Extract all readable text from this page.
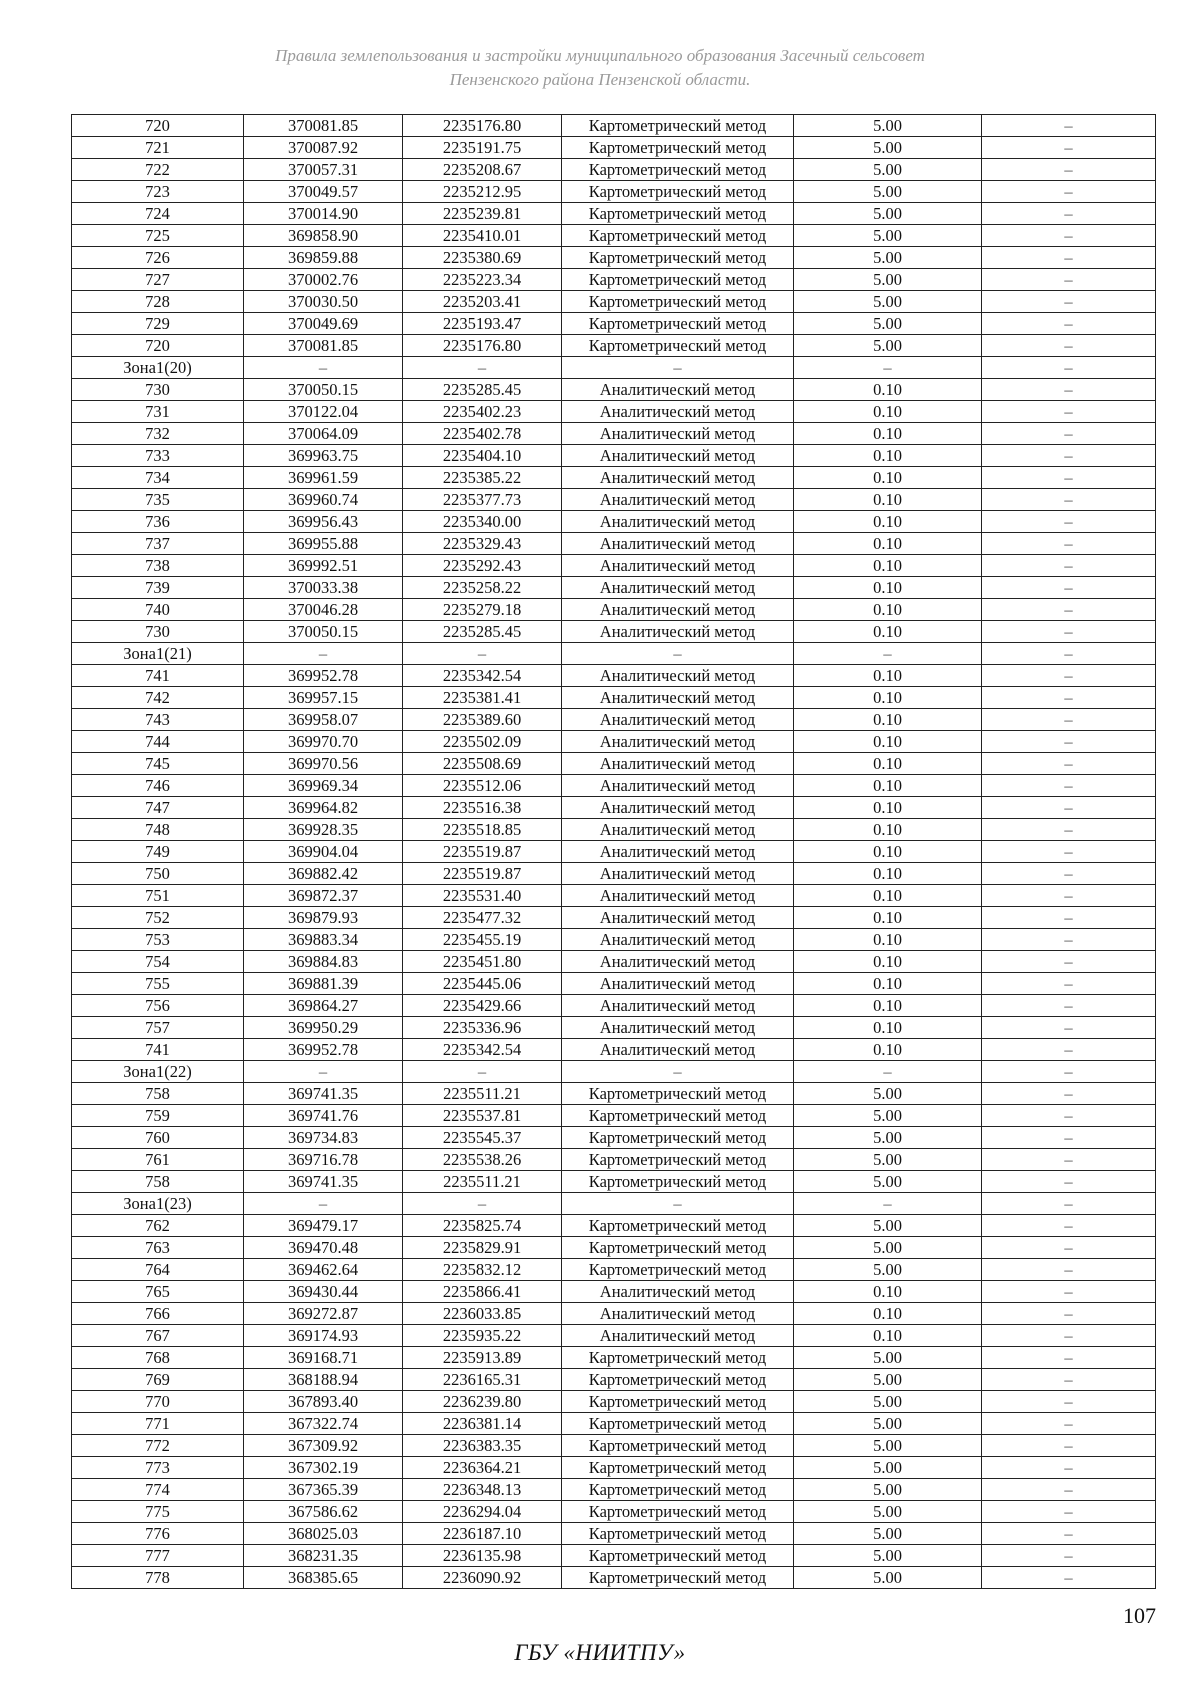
Правила землепользования и застройки муниципального образования Засечный сельсовет
Пензенского района Пензенской области.
720	370081.85	2235176.80	Картометрический метод	5.00	–
721	370087.92	2235191.75	Картометрический метод	5.00	–
722	370057.31	2235208.67	Картометрический метод	5.00	–
723	370049.57	2235212.95	Картометрический метод	5.00	–
724	370014.90	2235239.81	Картометрический метод	5.00	–
725	369858.90	2235410.01	Картометрический метод	5.00	–
726	369859.88	2235380.69	Картометрический метод	5.00	–
727	370002.76	2235223.34	Картометрический метод	5.00	–
728	370030.50	2235203.41	Картометрический метод	5.00	–
729	370049.69	2235193.47	Картометрический метод	5.00	–
720	370081.85	2235176.80	Картометрический метод	5.00	–
Зона1(20)	–	–	–	–	–
730	370050.15	2235285.45	Аналитический метод	0.10	–
731	370122.04	2235402.23	Аналитический метод	0.10	–
732	370064.09	2235402.78	Аналитический метод	0.10	–
733	369963.75	2235404.10	Аналитический метод	0.10	–
734	369961.59	2235385.22	Аналитический метод	0.10	–
735	369960.74	2235377.73	Аналитический метод	0.10	–
736	369956.43	2235340.00	Аналитический метод	0.10	–
737	369955.88	2235329.43	Аналитический метод	0.10	–
738	369992.51	2235292.43	Аналитический метод	0.10	–
739	370033.38	2235258.22	Аналитический метод	0.10	–
740	370046.28	2235279.18	Аналитический метод	0.10	–
730	370050.15	2235285.45	Аналитический метод	0.10	–
Зона1(21)	–	–	–	–	–
741	369952.78	2235342.54	Аналитический метод	0.10	–
742	369957.15	2235381.41	Аналитический метод	0.10	–
743	369958.07	2235389.60	Аналитический метод	0.10	–
744	369970.70	2235502.09	Аналитический метод	0.10	–
745	369970.56	2235508.69	Аналитический метод	0.10	–
746	369969.34	2235512.06	Аналитический метод	0.10	–
747	369964.82	2235516.38	Аналитический метод	0.10	–
748	369928.35	2235518.85	Аналитический метод	0.10	–
749	369904.04	2235519.87	Аналитический метод	0.10	–
750	369882.42	2235519.87	Аналитический метод	0.10	–
751	369872.37	2235531.40	Аналитический метод	0.10	–
752	369879.93	2235477.32	Аналитический метод	0.10	–
753	369883.34	2235455.19	Аналитический метод	0.10	–
754	369884.83	2235451.80	Аналитический метод	0.10	–
755	369881.39	2235445.06	Аналитический метод	0.10	–
756	369864.27	2235429.66	Аналитический метод	0.10	–
757	369950.29	2235336.96	Аналитический метод	0.10	–
741	369952.78	2235342.54	Аналитический метод	0.10	–
Зона1(22)	–	–	–	–	–
758	369741.35	2235511.21	Картометрический метод	5.00	–
759	369741.76	2235537.81	Картометрический метод	5.00	–
760	369734.83	2235545.37	Картометрический метод	5.00	–
761	369716.78	2235538.26	Картометрический метод	5.00	–
758	369741.35	2235511.21	Картометрический метод	5.00	–
Зона1(23)	–	–	–	–	–
762	369479.17	2235825.74	Картометрический метод	5.00	–
763	369470.48	2235829.91	Картометрический метод	5.00	–
764	369462.64	2235832.12	Картометрический метод	5.00	–
765	369430.44	2235866.41	Аналитический метод	0.10	–
766	369272.87	2236033.85	Аналитический метод	0.10	–
767	369174.93	2235935.22	Аналитический метод	0.10	–
768	369168.71	2235913.89	Картометрический метод	5.00	–
769	368188.94	2236165.31	Картометрический метод	5.00	–
770	367893.40	2236239.80	Картометрический метод	5.00	–
771	367322.74	2236381.14	Картометрический метод	5.00	–
772	367309.92	2236383.35	Картометрический метод	5.00	–
773	367302.19	2236364.21	Картометрический метод	5.00	–
774	367365.39	2236348.13	Картометрический метод	5.00	–
775	367586.62	2236294.04	Картометрический метод	5.00	–
776	368025.03	2236187.10	Картометрический метод	5.00	–
777	368231.35	2236135.98	Картометрический метод	5.00	–
778	368385.65	2236090.92	Картометрический метод	5.00	–
107
ГБУ «НИИТПУ»
